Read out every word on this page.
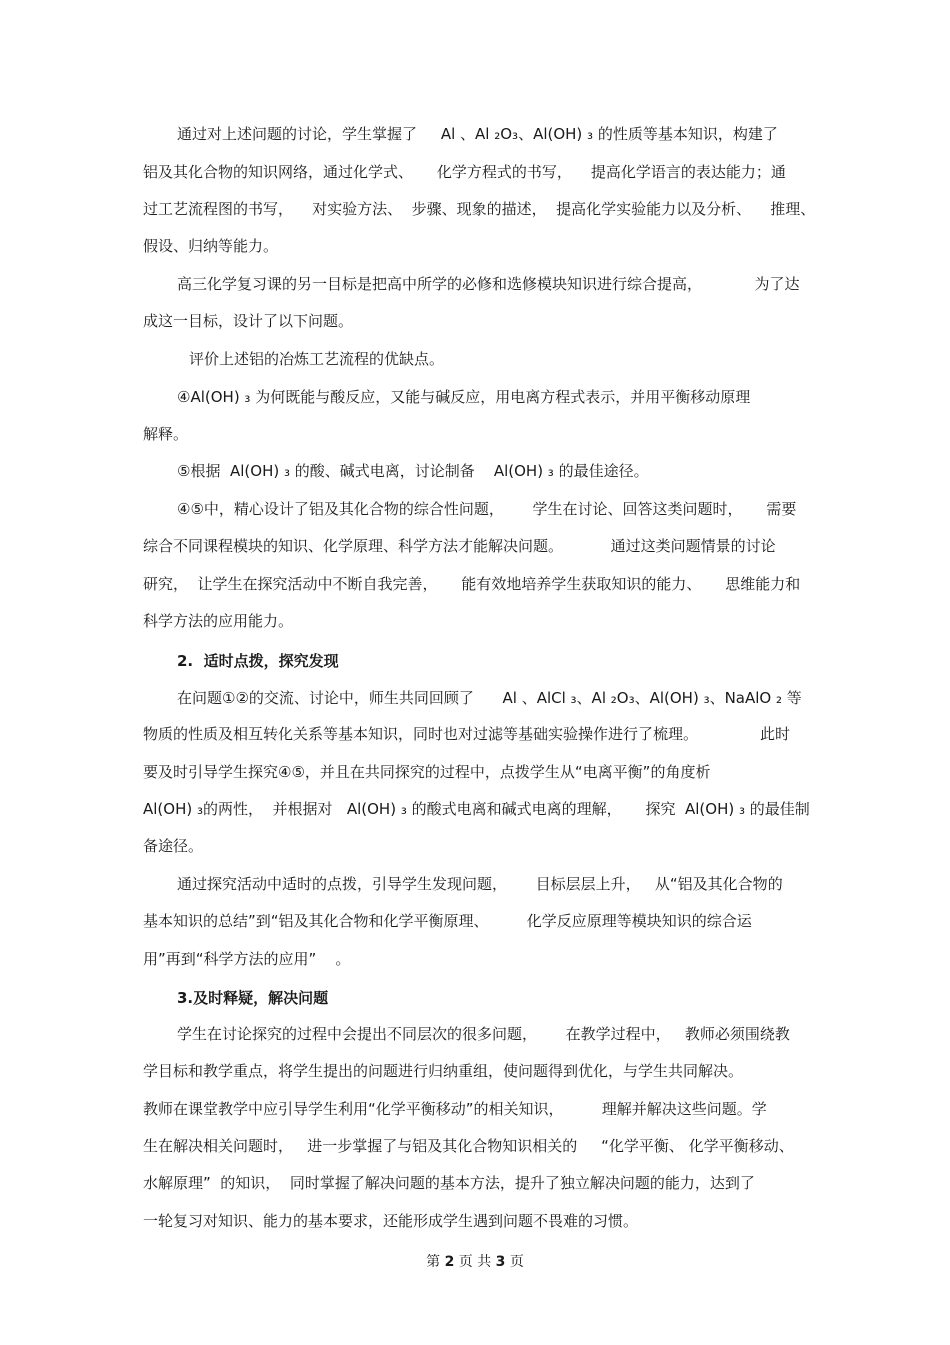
通过对上述问题的讨论，学生掌握了     Al 、Al ₂O₃、Al(OH) ₃ 的性质等基本知识，构建了
铝及其化合物的知识网络，通过化学式、     化学方程式的书写，    提高化学语言的表达能力；通
过工艺流程图的书写，    对实验方法、  步骤、现象的描述，  提高化学实验能力以及分析、    推理、
假设、归纳等能力。
高三化学复习课的另一目标是把高中所学的必修和选修模块知识进行综合提高，           为了达
成这一目标，设计了以下问题。
评价上述铝的冶炼工艺流程的优缺点。
④Al(OH) ₃ 为何既能与酸反应，又能与碱反应，用电离方程式表示，并用平衡移动原理
解释。
⑤根据  Al(OH) ₃ 的酸、碱式电离，讨论制备    Al(OH) ₃ 的最佳途径。
④⑤中，精心设计了铝及其化合物的综合性问题，      学生在讨论、回答这类问题时，     需要
综合不同课程模块的知识、化学原理、科学方法才能解决问题。          通过这类问题情景的讨论
研究，  让学生在探究活动中不断自我完善，     能有效地培养学生获取知识的能力、     思维能力和
科学方法的应用能力。
2.  适时点拨，探究发现
在问题①②的交流、讨论中，师生共同回顾了      Al 、AlCl ₃、Al ₂O₃、Al(OH) ₃、NaAlO ₂ 等
物质的性质及相互转化关系等基本知识，同时也对过滤等基础实验操作进行了梳理。             此时
要及时引导学生探究④⑤，并且在共同探究的过程中，点拨学生从“电离平衡”的角度析
Al(OH) ₃的两性，  并根据对   Al(OH) ₃ 的酸式电离和碱式电离的理解，     探究  Al(OH) ₃ 的最佳制
备途径。
通过探究活动中适时的点拨，引导学生发现问题，      目标层层上升，   从“铝及其化合物的
基本知识的总结”到“铝及其化合物和化学平衡原理、        化学反应原理等模块知识的综合运
用”再到“科学方法的应用”    。
3.及时释疑，解决问题
学生在讨论探究的过程中会提出不同层次的很多问题，      在教学过程中，   教师必须围绕教
学目标和教学重点，将学生提出的问题进行归纳重组，使问题得到优化，与学生共同解决。
教师在课堂教学中应引导学生利用“化学平衡移动”的相关知识，        理解并解决这些问题。学
生在解决相关问题时，   进一步掌握了与铝及其化合物知识相关的     “化学平衡、 化学平衡移动、
水解原理”  的知识，  同时掌握了解决问题的基本方法，提升了独立解决问题的能力，达到了
一轮复习对知识、能力的基本要求，还能形成学生遇到问题不畏难的习惯。
第 2 页 共 3 页
